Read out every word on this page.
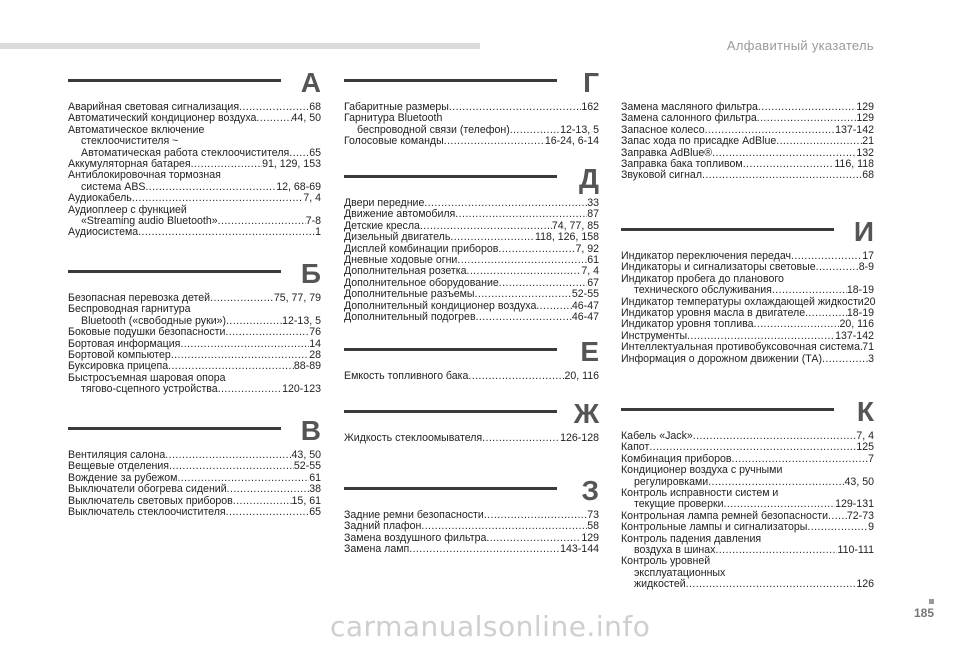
Алфавитный указатель
А
Аварийная световая сигнализация .....	68
Автоматический кондиционер воздуха .....	44, 50
Автоматическое включение
стеклоочистителя ~
Автоматическая работа стеклоочистителя ..... 65
Аккумуляторная батарея .....	91, 129, 153
Антиблокировочная тормозная
система ABS .....	12, 68-69
Аудиокабель .....	7, 4
Аудиоплеер с функцией
«Streaming audio Bluetooth» .....	7-8
Аудиосистема .....	1
Б
Безопасная перевозка детей .....	75, 77, 79
Беспроводная гарнитура
Bluetooth («свободные руки») .....	12-13, 5
Боковые подушки безопасности .....	76
Бортовая информация .....	14
Бортовой компьютер .....	28
Буксировка прицепа .....	88-89
Быстросъемная шаровая опора
тягово-сцепного устройства .....	120-123
В
Вентиляция салона .....	43, 50
Вещевые отделения .....	52-55
Вождение за рубежом .....	61
Выключатели обогрева сидений .....	38
Выключатель световых приборов .....	15, 61
Выключатель стеклоочистителя .....	65
Г
Габаритные размеры .....	162
Гарнитура Bluetooth
беспроводной связи (телефон) .....	12-13, 5
Голосовые команды .....	16-24, 6-14
Д
Двери передние .....	33
Движение автомобиля .....	87
Детские кресла .....	74, 77, 85
Дизельный двигатель .....	118, 126, 158
Дисплей комбинации приборов .....	7, 92
Дневные ходовые огни .....	61
Дополнительная розетка .....	7, 4
Дополнительное оборудование .....	67
Дополнительные разъемы .....	52-55
Дополнительный кондиционер воздуха .....	46-47
Дополнительный подогрев .....	46-47
Е
Емкость топливного бака .....	20, 116
Ж
Жидкость стеклоомывателя .....	126-128
З
Задние ремни безопасности .....	73
Задний плафон .....	58
Замена воздушного фильтра .....	129
Замена ламп .....	143-144
Замена масляного фильтра .....	129
Замена салонного фильтра .....	129
Запасное колесо .....	137-142
Запас хода по присадке AdBlue .....	21
Заправка AdBlue® .....	132
Заправка бака топливом .....	116, 118
Звуковой сигнал .....	68
И
Индикатор переключения передач .....	17
Индикаторы и сигнализаторы световые .....	8-9
Индикатор пробега до планового
технического обслуживания .....	18-19
Индикатор температуры охлаждающей жидкости 20
Индикатор уровня масла в двигателе .....	18-19
Индикатор уровня топлива .....	20, 116
Инструменты .....	137-142
Интеллектуальная противобуксовочная система ..... 71
Информация о дорожном движении (ТА) .....	3
К
Кабель «Jack» .....	7, 4
Капот .....	125
Комбинация приборов .....	7
Кондиционер воздуха с ручными
регулировками .....	43, 50
Контроль исправности систем и
текущие проверки .....	129-131
Контрольная лампа ремней безопасности ..... 72-73
Контрольные лампы и сигнализаторы .....	9
Контроль падения давления
воздуха в шинах .....	110-111
Контроль уровней
эксплуатационных
жидкостей .....	126
185
carmanualsonline.info
